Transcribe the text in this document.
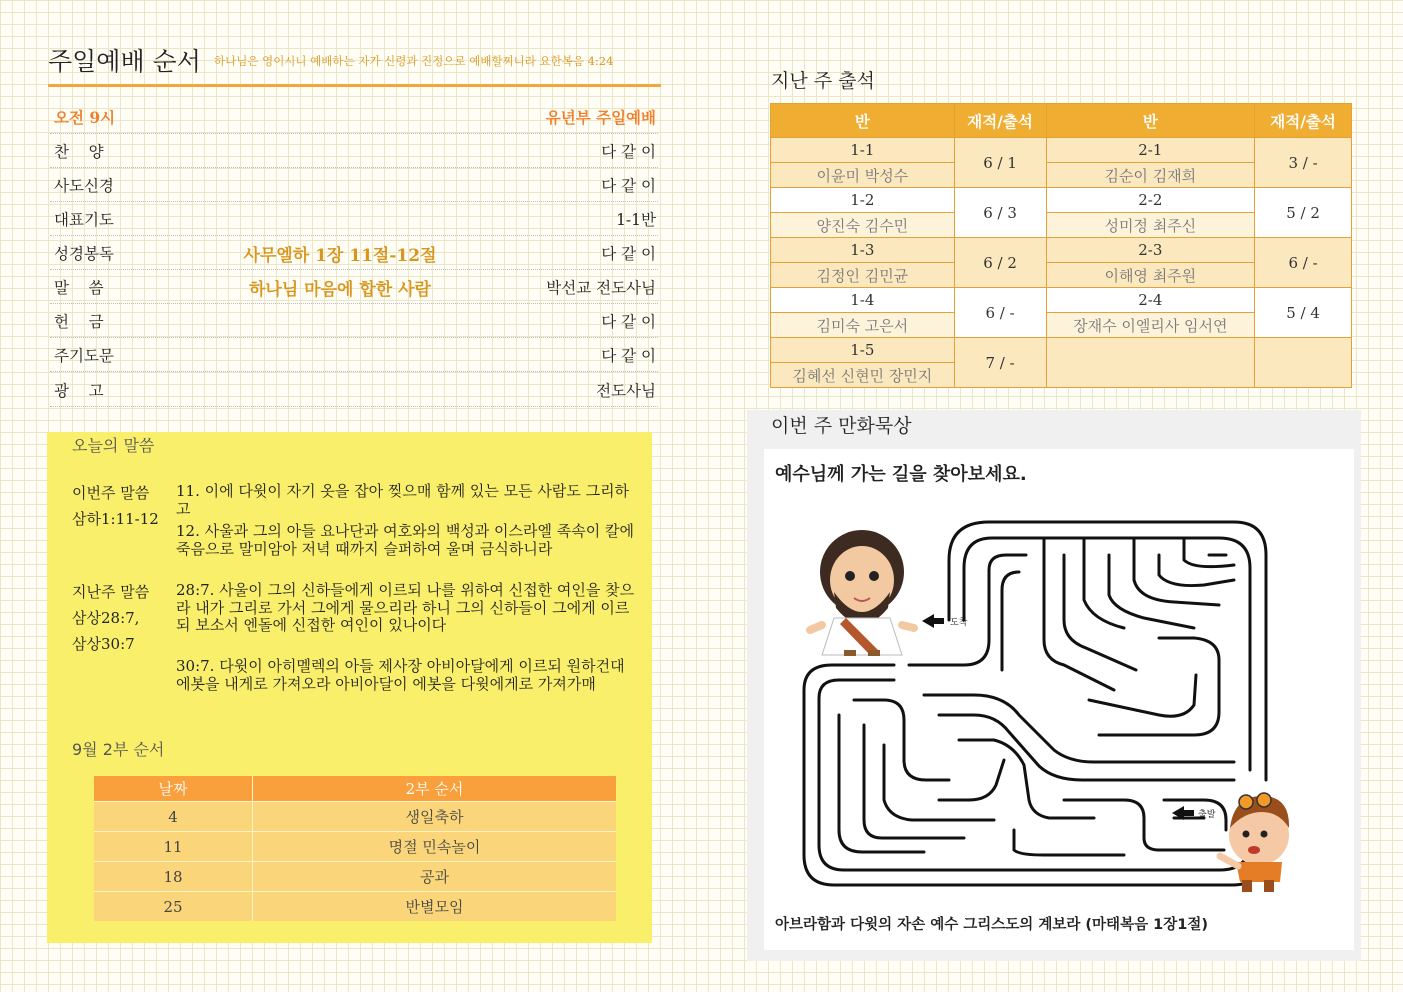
주일예배 순서 하나님은 영이시니 예배하는 자가 신령과 진정으로 예배할찌니라 요한복음 4:24
오전 9시	유년부 주일예배
찬    양	다 같 이
사도신경	다 같 이
대표기도	1-1반
성경봉독	사무엘하 1장 11절-12절	다 같 이
말    씀	하나님 마음에 합한 사람	박선교 전도사님
헌    금	다 같 이
주기도문	다 같 이
광    고	전도사님
오늘의 말씀
이번주 말씀
삼하1:11-12
11. 이에 다윗이 자기 옷을 잡아 찢으매 함께 있는 모든 사람도 그리하고
12. 사울과 그의 아들 요나단과 여호와의 백성과 이스라엘 족속이 칼에 죽음으로 말미암아 저녁 때까지 슬퍼하여 울며 금식하니라
지난주 말씀
삼상28:7,
삼상30:7
28:7. 사울이 그의 신하들에게 이르되 나를 위하여 신접한 여인을 찾으라 내가 그리로 가서 그에게 물으리라 하니 그의 신하들이 그에게 이르되 보소서 엔돌에 신접한 여인이 있나이다
30:7. 다윗이 아히멜렉의 아들 제사장 아비아달에게 이르되 원하건대 에봇을 내게로 가져오라 아비아달이 에봇을 다윗에게로 가져가매
9월 2부 순서
날짜	2부 순서
4	생일축하
11	명절 민속놀이
18	공과
25	반별모임
지난 주 출석
반	재적/출석	반	재적/출석
1-1	6 / 1	2-1	3 / -
이윤미 박성수		김순이 김재희	
1-2	6 / 3	2-2	5 / 2
양진숙 김수민		성미정 최주신	
1-3	6 / 2	2-3	6 / -
김정인 김민균		이해영 최주원	
1-4	6 / -	2-4	5 / 4
김미숙 고은서		장재수 이엘리사 임서연	
1-5	7 / -		
김혜선 신현민 장민지			
이번 주 만화묵상
예수님께 가는 길을 찾아보세요.
도착
출발
아브라함과 다윗의 자손 예수 그리스도의 계보라 (마태복음 1장1절)
